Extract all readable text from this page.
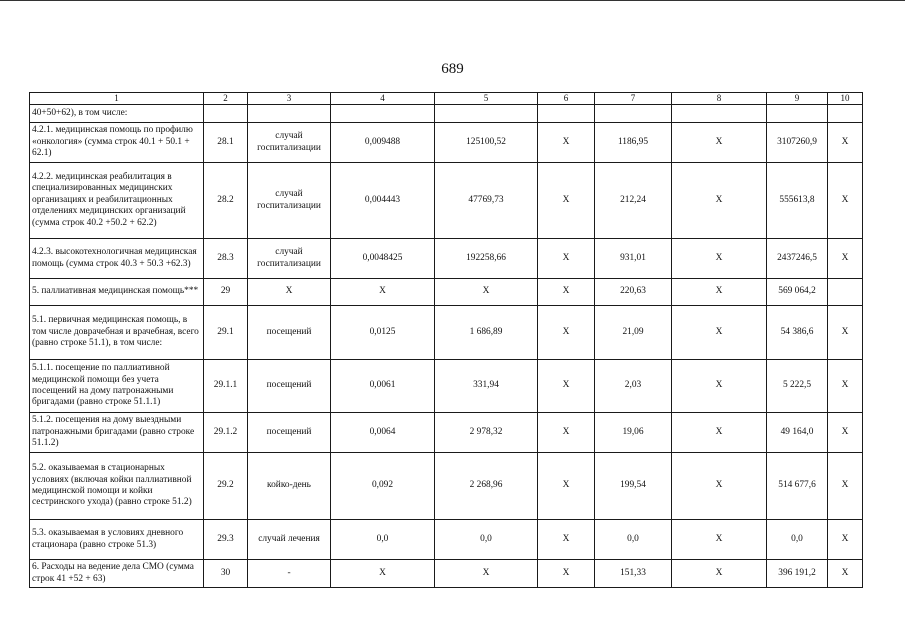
689
1	2	3	4	5	6	7	8	9	10
40+50+62), в том числе:									
4.2.1. медицинская помощь по профилю «онкология» (сумма строк 40.1 + 50.1 + 62.1)	28.1	случай госпитализации	0,009488	125100,52	X	1186,95	X	3107260,9	X
4.2.2. медицинская реабилитация в специализированных медицинских организациях и реабилитационных отделениях медицинских организаций (сумма строк 40.2 +50.2 + 62.2)	28.2	случай госпитализации	0,004443	47769,73	X	212,24	X	555613,8	X
4.2.3. высокотехнологичная медицинская помощь (сумма строк 40.3 + 50.3 +62.3)	28.3	случай госпитализации	0,0048425	192258,66	X	931,01	X	2437246,5	X
5. паллиативная медицинская помощь***	29	X	X	X	X	220,63	X	569 064,2	
5.1. первичная медицинская помощь, в том числе доврачебная и врачебная, всего (равно строке 51.1), в том числе:	29.1	посещений	0,0125	1 686,89	X	21,09	X	54 386,6	X
5.1.1. посещение по паллиативной медицинской помощи без учета посещений на дому патронажными бригадами (равно строке 51.1.1)	29.1.1	посещений	0,0061	331,94	X	2,03	X	5 222,5	X
5.1.2. посещения на дому выездными патронажными бригадами (равно строке 51.1.2)	29.1.2	посещений	0,0064	2 978,32	X	19,06	X	49 164,0	X
5.2. оказываемая в стационарных условиях (включая койки паллиативной медицинской помощи и койки сестринского ухода) (равно строке 51.2)	29.2	койко-день	0,092	2 268,96	X	199,54	X	514 677,6	X
5.3. оказываемая в условиях дневного стационара (равно строке 51.3)	29.3	случай лечения	0,0	0,0	X	0,0	X	0,0	X
6. Расходы на ведение дела СМО (сумма строк 41 +52 + 63)	30	-	X	X	X	151,33	X	396 191,2	X
